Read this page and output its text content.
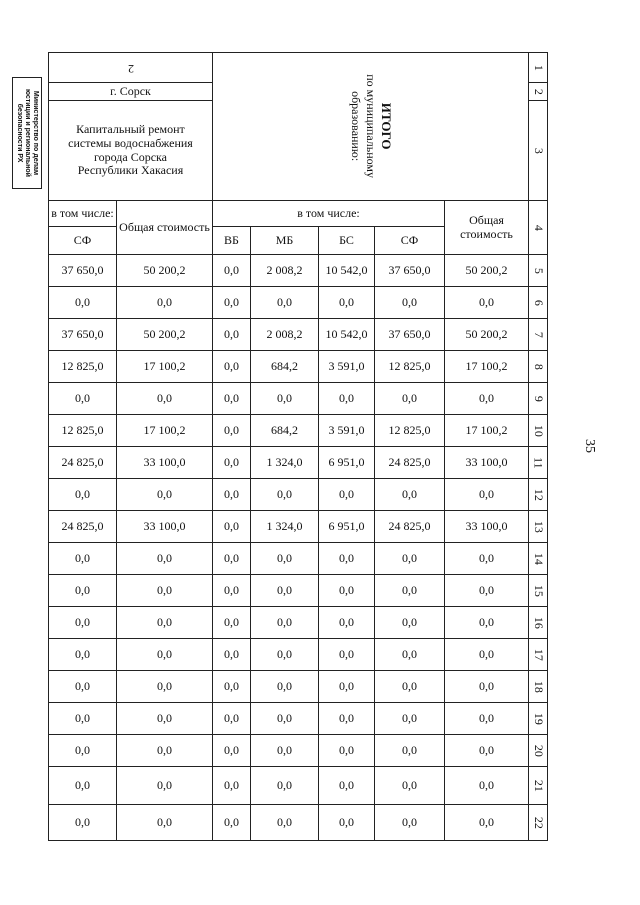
Министерство по делам
юстиции и региональной
безопасности РХ
35
2		ИТОГО
по муниципальному
образованию:					1
г. Сорск							2

Капитальный ремонт
системы водоснабжения
города Сорска
Республики Хакасия							3
в том числе:	Общая стоимость	в том числе:				Общая стоимость	4
СФ		ВБ	МБ	БС	СФ		
37 650,0	50 200,2	0,0	2 008,2	10 542,0	37 650,0	50 200,2	5
0,0	0,0	0,0	0,0	0,0	0,0	0,0	6
37 650,0	50 200,2	0,0	2 008,2	10 542,0	37 650,0	50 200,2	7
12 825,0	17 100,2	0,0	684,2	3 591,0	12 825,0	17 100,2	8
0,0	0,0	0,0	0,0	0,0	0,0	0,0	9
12 825,0	17 100,2	0,0	684,2	3 591,0	12 825,0	17 100,2	10
24 825,0	33 100,0	0,0	1 324,0	6 951,0	24 825,0	33 100,0	11
0,0	0,0	0,0	0,0	0,0	0,0	0,0	12
24 825,0	33 100,0	0,0	1 324,0	6 951,0	24 825,0	33 100,0	13
0,0	0,0	0,0	0,0	0,0	0,0	0,0	14
0,0	0,0	0,0	0,0	0,0	0,0	0,0	15
0,0	0,0	0,0	0,0	0,0	0,0	0,0	16
0,0	0,0	0,0	0,0	0,0	0,0	0,0	17
0,0	0,0	0,0	0,0	0,0	0,0	0,0	18
0,0	0,0	0,0	0,0	0,0	0,0	0,0	19
0,0	0,0	0,0	0,0	0,0	0,0	0,0	20
0,0	0,0	0,0	0,0	0,0	0,0	0,0	21
0,0	0,0	0,0	0,0	0,0	0,0	0,0	22
